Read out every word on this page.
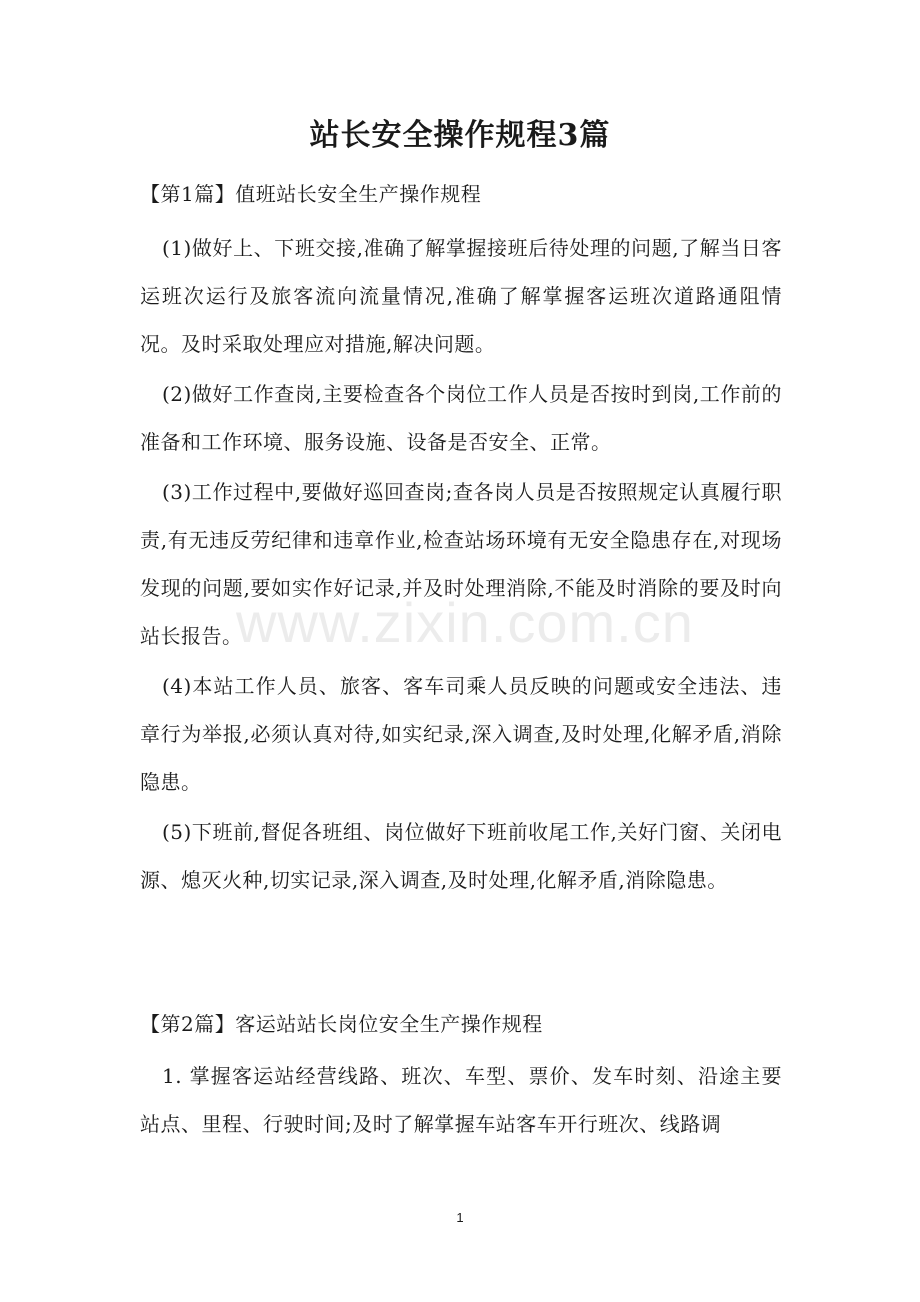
www.zixin.com.cn
站长安全操作规程3篇

【第1篇】值班站长安全生产操作规程

(1)做好上、下班交接,准确了解掌握接班后待处理的问题,了解当日客运班次运行及旅客流向流量情况,准确了解掌握客运班次道路通阻情况。及时采取处理应对措施,解决问题。

(2)做好工作查岗,主要检查各个岗位工作人员是否按时到岗,工作前的准备和工作环境、服务设施、设备是否安全、正常。

(3)工作过程中,要做好巡回查岗;查各岗人员是否按照规定认真履行职责,有无违反劳纪律和违章作业,检查站场环境有无安全隐患存在,对现场发现的问题,要如实作好记录,并及时处理消除,不能及时消除的要及时向站长报告。

(4)本站工作人员、旅客、客车司乘人员反映的问题或安全违法、违章行为举报,必须认真对待,如实纪录,深入调查,及时处理,化解矛盾,消除隐患。

(5)下班前,督促各班组、岗位做好下班前收尾工作,关好门窗、关闭电源、熄灭火种,切实记录,深入调查,及时处理,化解矛盾,消除隐患。

【第2篇】客运站站长岗位安全生产操作规程

1. 掌握客运站经营线路、班次、车型、票价、发车时刻、沿途主要站点、里程、行驶时间;及时了解掌握车站客车开行班次、线路调

1
